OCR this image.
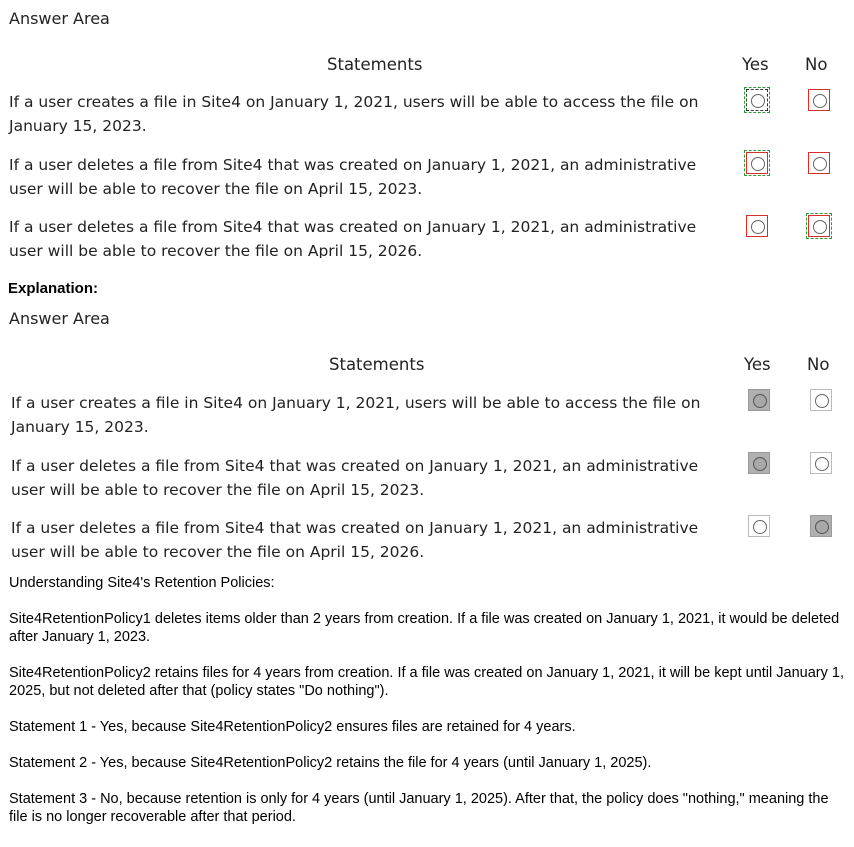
Answer Area
Statements	Yes No
If a user creates a file in Site4 on January 1, 2021, users will be able to access the file on January 15, 2023.
If a user deletes a file from Site4 that was created on January 1, 2021, an administrative user will be able to recover the file on April 15, 2023.
If a user deletes a file from Site4 that was created on January 1, 2021, an administrative user will be able to recover the file on April 15, 2026.
Explanation:
Answer Area
Statements	Yes No
If a user creates a file in Site4 on January 1, 2021, users will be able to access the file on January 15, 2023.
If a user deletes a file from Site4 that was created on January 1, 2021, an administrative user will be able to recover the file on April 15, 2023.
If a user deletes a file from Site4 that was created on January 1, 2021, an administrative user will be able to recover the file on April 15, 2026.
Understanding Site4's Retention Policies:
Site4RetentionPolicy1 deletes items older than 2 years from creation. If a file was created on January 1, 2021, it would be deleted after January 1, 2023.
Site4RetentionPolicy2 retains files for 4 years from creation. If a file was created on January 1, 2021, it will be kept until January 1, 2025, but not deleted after that (policy states "Do nothing").
Statement 1 - Yes, because Site4RetentionPolicy2 ensures files are retained for 4 years.
Statement 2 - Yes, because Site4RetentionPolicy2 retains the file for 4 years (until January 1, 2025).
Statement 3 - No, because retention is only for 4 years (until January 1, 2025). After that, the policy does "nothing," meaning the file is no longer recoverable after that period.
